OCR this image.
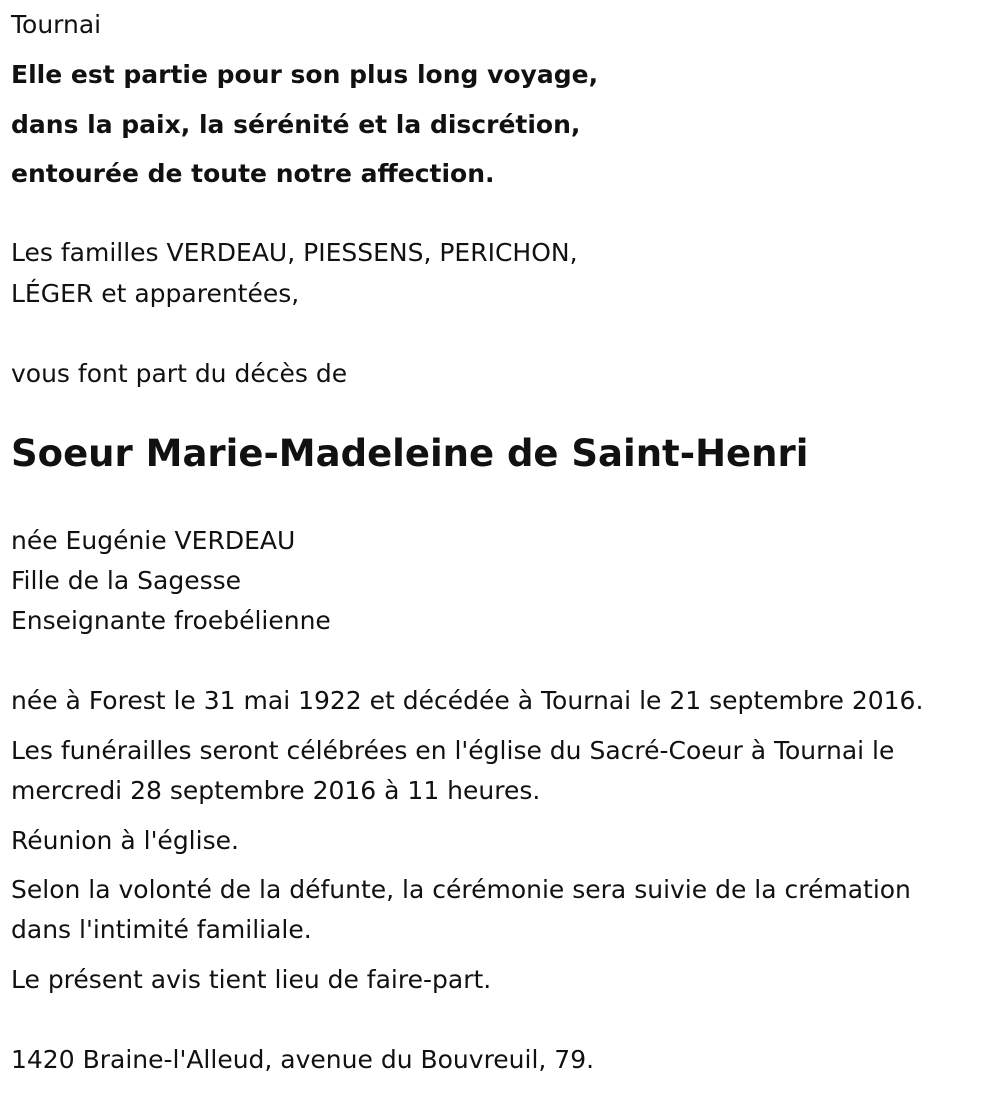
Tournai
Elle est partie pour son plus long voyage,
dans la paix, la sérénité et la discrétion,
entourée de toute notre affection.
Les familles VERDEAU, PIESSENS, PERICHON,
LÉGER et apparentées,
vous font part du décès de
Soeur Marie-Madeleine de Saint-Henri
née Eugénie VERDEAU
Fille de la Sagesse
Enseignante froebélienne
née à Forest le 31 mai 1922 et décédée à Tournai le 21 septembre 2016.
Les funérailles seront célébrées en l'église du Sacré-Coeur à Tournai le
mercredi 28 septembre 2016 à 11 heures.
Réunion à l'église.
Selon la volonté de la défunte, la cérémonie sera suivie de la crémation
dans l'intimité familiale.
Le présent avis tient lieu de faire-part.
1420 Braine-l'Alleud, avenue du Bouvreuil, 79.
